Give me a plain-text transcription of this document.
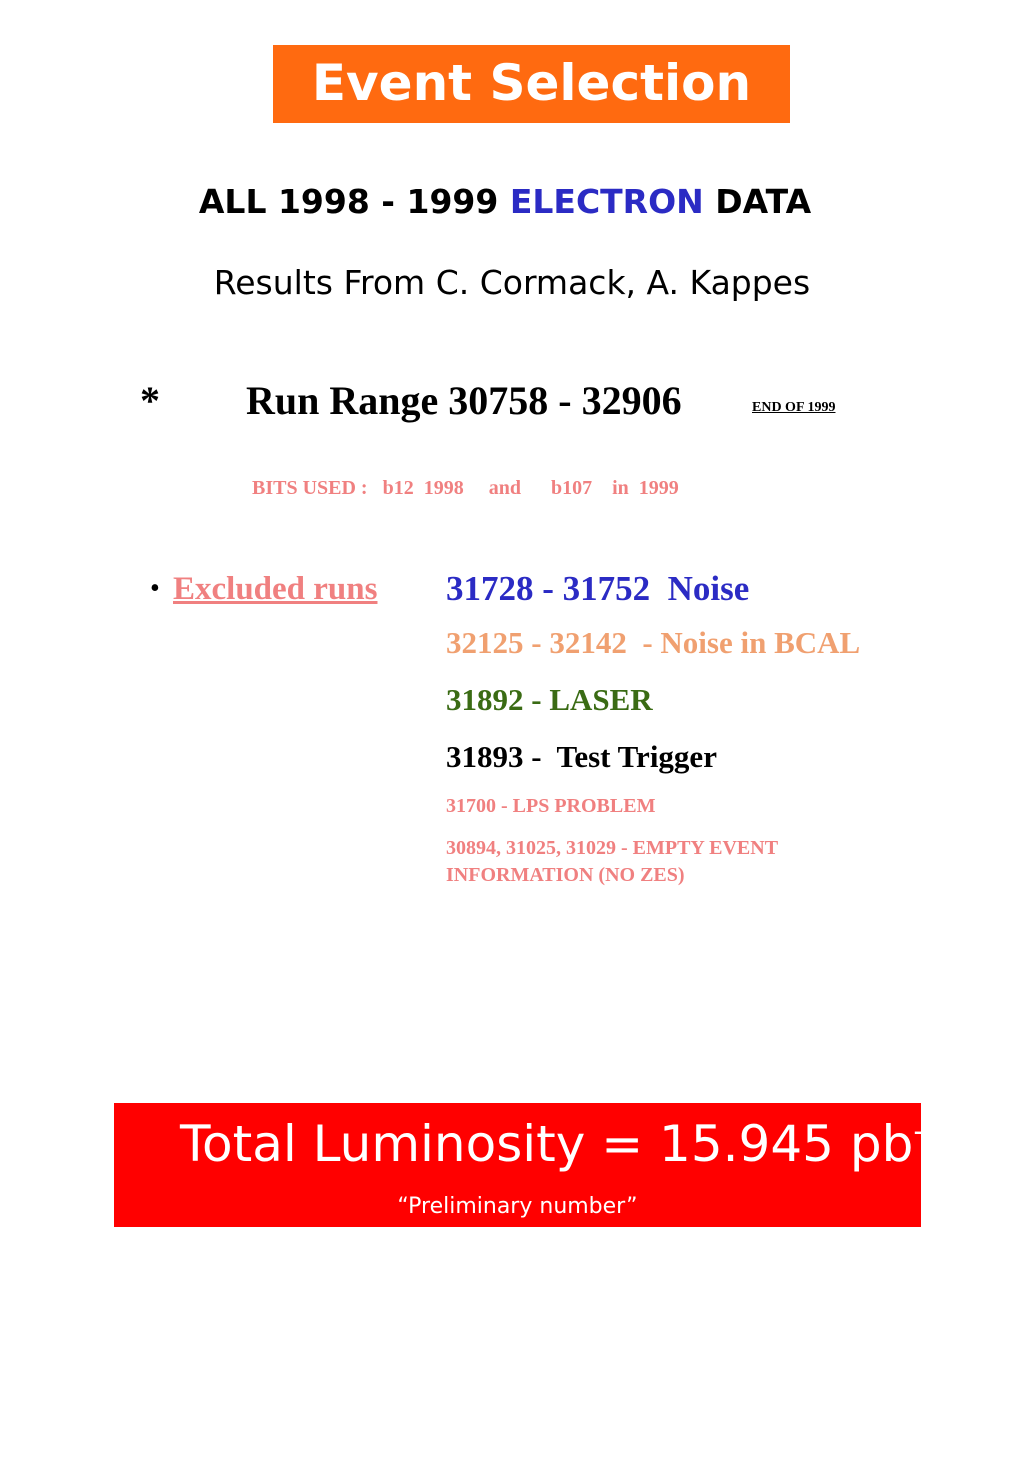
Event Selection
ALL 1998 - 1999 ELECTRON DATA
Results From C. Cormack, A. Kappes
* Run Range 30758 - 32906	END OF 1999
BITS USED :   b12  1998     and      b107    in  1999
• Excluded runs 31728 - 31752  Noise
32125 - 32142  - Noise in BCAL
31892 - LASER
31893 -  Test Trigger
31700 - LPS PROBLEM
30894, 31025, 31029 - EMPTY EVENT
INFORMATION (NO ZES)
Total Luminosity = 15.945 $pb^{-1}$
“Preliminary number”
